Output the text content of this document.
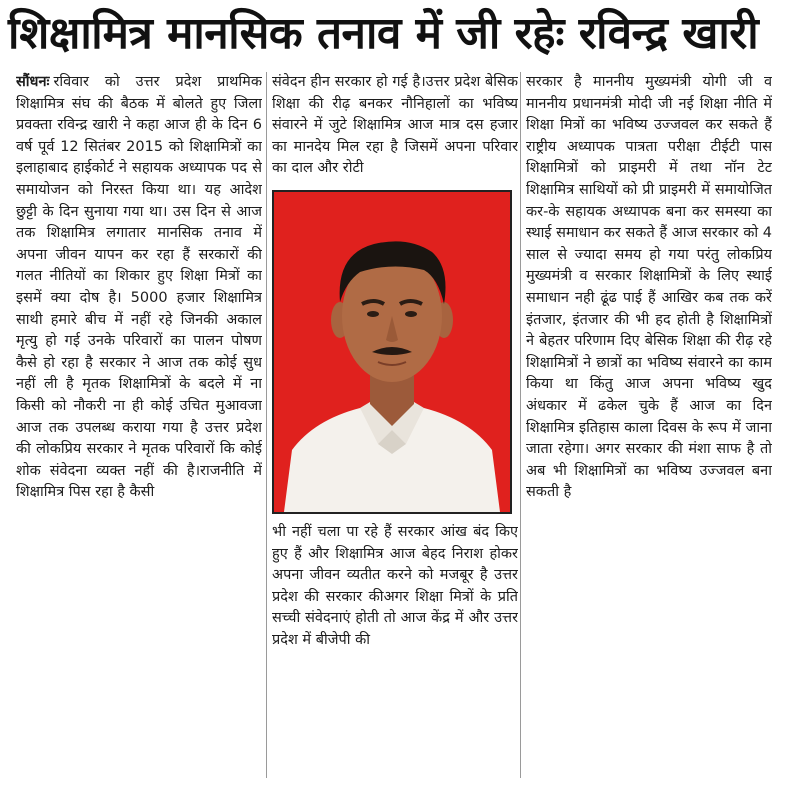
शिक्षामित्र मानसिक तनाव में जी रहेः रविन्द्र खारी

सौंधनः रविवार को उत्तर प्रदेश प्राथमिक शिक्षामित्र संघ की बैठक में बोलते हुए जिला प्रवक्ता रविन्द्र खारी ने कहा आज ही के दिन 6 वर्ष पूर्व 12 सितंबर 2015 को शिक्षामित्रों का इलाहाबाद हाईकोर्ट ने सहायक अध्यापक पद से समायोजन को निरस्त किया था। यह आदेश छुट्टी के दिन सुनाया गया था। उस दिन से आज तक शिक्षामित्र लगातार मानसिक तनाव में अपना जीवन यापन कर रहा हैं सरकारों की गलत नीतियों का शिकार हुए शिक्षा मित्रों का इसमें क्या दोष है। 5000 हजार शिक्षामित्र साथी हमारे बीच में नहीं रहे जिनकी अकाल मृत्यु हो गई उनके परिवारों का पालन पोषण कैसे हो रहा है सरकार ने आज तक कोई सुध नहीं ली है मृतक शिक्षामित्रों के बदले में ना किसी को नौकरी ना ही कोई उचित मुआवजा आज तक उपलब्ध कराया गया है उत्तर प्रदेश की लोकप्रिय सरकार ने मृतक परिवारों कि कोई शोक संवेदना व्यक्त नहीं की है।राजनीति में शिक्षामित्र पिस रहा है कैसी

संवेदन हीन सरकार हो गई है।उत्तर प्रदेश बेसिक शिक्षा की रीढ़ बनकर नौनिहालों का भविष्य संवारने में जुटे शिक्षामित्र आज मात्र दस हजार का मानदेय मिल रहा है जिसमें अपना परिवार का दाल और रोटी

भी नहीं चला पा रहे हैं सरकार आंख बंद किए हुए हैं और शिक्षामित्र आज बेहद निराश होकर अपना जीवन व्यतीत करने को मजबूर है उत्तर प्रदेश की सरकार कीअगर शिक्षा मित्रों के प्रति सच्ची संवेदनाएं होती तो आज केंद्र में और उत्तर प्रदेश में बीजेपी की

सरकार है माननीय मुख्यमंत्री योगी जी व माननीय प्रधानमंत्री मोदी जी नई शिक्षा नीति में शिक्षा मित्रों का भविष्य उज्जवल कर सकते हैं राष्ट्रीय अध्यापक पात्रता परीक्षा टीईटी पास शिक्षामित्रों को प्राइमरी में तथा नॉन टेट शिक्षामित्र साथियों को प्री प्राइमरी में समायोजित कर-के सहायक अध्यापक बना कर समस्या का स्थाई समाधान कर सकते हैं आज सरकार को 4 साल से ज्यादा समय हो गया परंतु लोकप्रिय मुख्यमंत्री व सरकार शिक्षामित्रों के लिए स्थाई समाधान नही ढूंढ पाई हैं आखिर कब तक करें इंतजार, इंतजार की भी हद होती है शिक्षामित्रों ने बेहतर परिणाम दिए बेसिक शिक्षा की रीढ़ रहे शिक्षामित्रों ने छात्रों का भविष्य संवारने का काम किया था किंतु आज अपना भविष्य खुद अंधकार में ढकेल चुके हैं आज का दिन शिक्षामित्र इतिहास काला दिवस के रूप में जाना जाता रहेगा। अगर सरकार की मंशा साफ है तो अब भी शिक्षामित्रों का भविष्य उज्जवल बना सकती है
